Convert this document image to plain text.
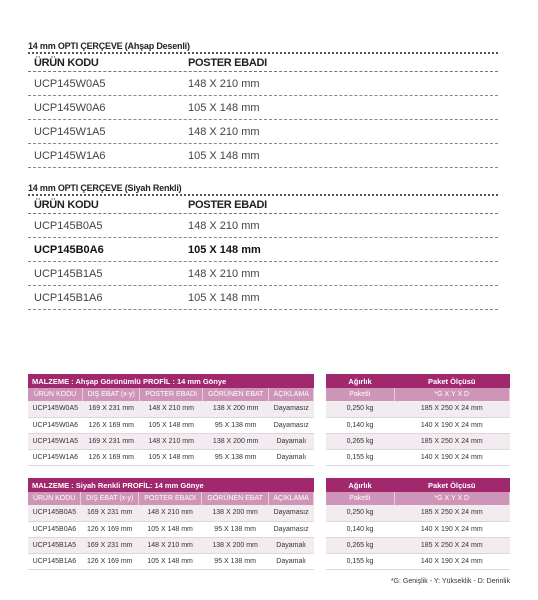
14 mm OPTI ÇERÇEVE (Ahşap Desenli)
ÜRÜN KODU	POSTER EBADI
UCP145W0A5	148 X 210 mm
UCP145W0A6	105 X 148 mm
UCP145W1A5	148 X 210 mm
UCP145W1A6	105 X 148 mm
14 mm OPTI ÇERÇEVE (Siyah Renkli)
ÜRÜN KODU	POSTER EBADI
UCP145B0A5	148 X 210 mm
UCP145B0A6	105 X 148 mm
UCP145B1A5	148 X 210 mm
UCP145B1A6	105 X 148 mm
MALZEME : Ahşap Görünümlü PROFİL : 14 mm Gönye				
ÜRÜN KODU	DIŞ EBAT (x-y)	POSTER EBADI	GÖRÜNEN EBAT	AÇIKLAMA
UCP145W0A5	169 X 231 mm	148 X 210 mm	138 X 200 mm	Dayamasız
UCP145W0A6	126 X 169 mm	105 X 148 mm	95 X 138 mm	Dayamasız
UCP145W1A5	169 X 231 mm	148 X 210 mm	138 X 200 mm	Dayamalı
UCP145W1A6	126 X 169 mm	105 X 148 mm	95 X 138 mm	Dayamalı
Ağırlık	Paket Ölçüsü
Paketli	*G X Y X D
0,250 kg	185 X 250 X 24 mm
0,140 kg	140 X 190 X 24 mm
0,265 kg	185 X 250 X 24 mm
0,155 kg	140 X 190 X 24 mm
MALZEME : Siyah Renkli PROFİL: 14 mm Gönye				
ÜRÜN KODU	DIŞ EBAT (x-y)	POSTER EBADI	GÖRÜNEN EBAT	AÇIKLAMA
UCP145B0A5	169 X 231 mm	148 X 210 mm	138 X 200 mm	Dayamasız
UCP145B0A6	126 X 169 mm	105 X 148 mm	95 X 138 mm	Dayamasız
UCP145B1A5	169 X 231 mm	148 X 210 mm	138 X 200 mm	Dayamalı
UCP145B1A6	126 X 169 mm	105 X 148 mm	95 X 138 mm	Dayamalı
Ağırlık	Paket Ölçüsü
Paketli	*G X Y X D
0,250 kg	185 X 250 X 24 mm
0,140 kg	140 X 190 X 24 mm
0,265 kg	185 X 250 X 24 mm
0,155 kg	140 X 190 X 24 mm
*G: Genişlik - Y: Yükseklik - D: Derinlik
